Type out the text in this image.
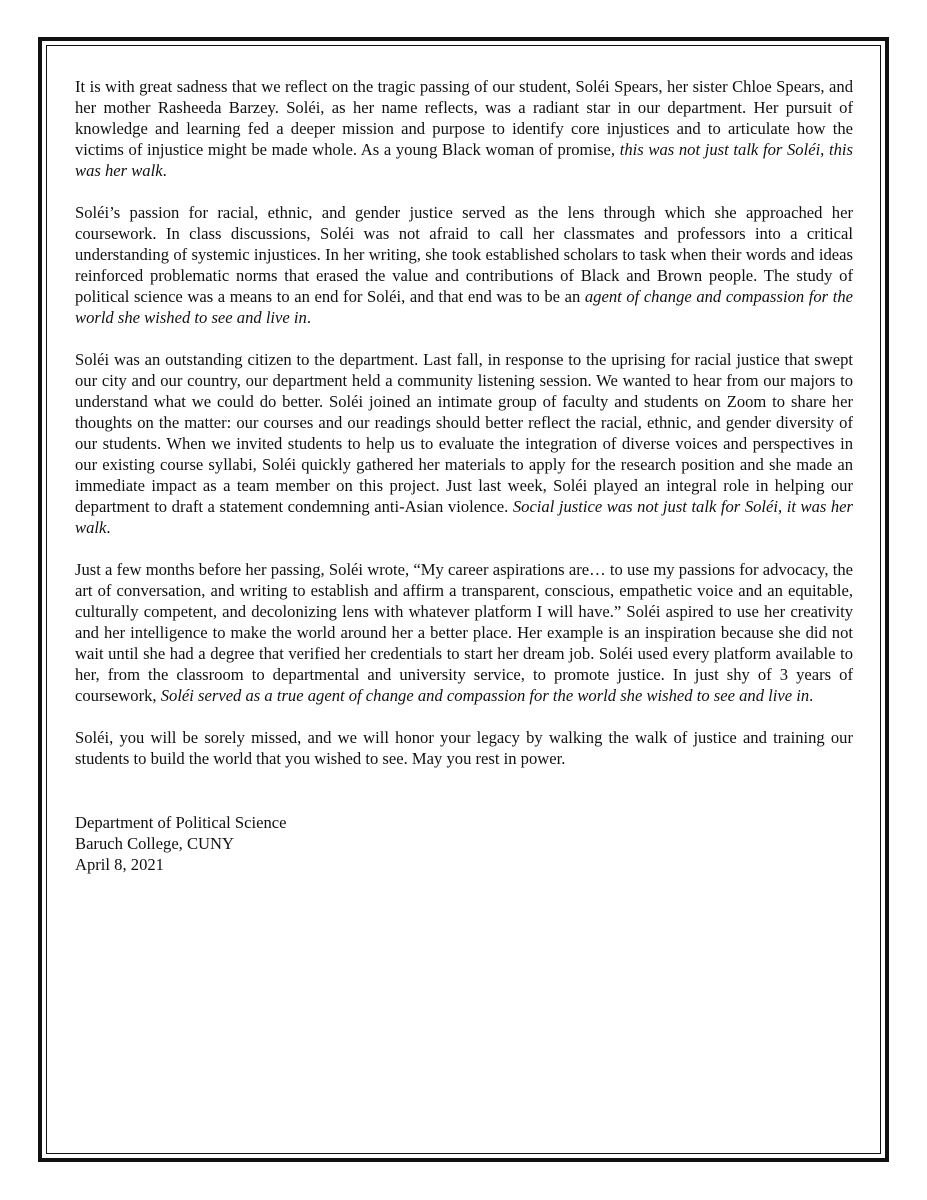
It is with great sadness that we reflect on the tragic passing of our student, Soléi Spears, her sister Chloe Spears, and her mother Rasheeda Barzey. Soléi, as her name reflects, was a radiant star in our department. Her pursuit of knowledge and learning fed a deeper mission and purpose to identify core injustices and to articulate how the victims of injustice might be made whole. As a young Black woman of promise, this was not just talk for Soléi, this was her walk.

Soléi’s passion for racial, ethnic, and gender justice served as the lens through which she approached her coursework. In class discussions, Soléi was not afraid to call her classmates and professors into a critical understanding of systemic injustices. In her writing, she took established scholars to task when their words and ideas reinforced problematic norms that erased the value and contributions of Black and Brown people. The study of political science was a means to an end for Soléi, and that end was to be an agent of change and compassion for the world she wished to see and live in.

Soléi was an outstanding citizen to the department. Last fall, in response to the uprising for racial justice that swept our city and our country, our department held a community listening session. We wanted to hear from our majors to understand what we could do better. Soléi joined an intimate group of faculty and students on Zoom to share her thoughts on the matter: our courses and our readings should better reflect the racial, ethnic, and gender diversity of our students. When we invited students to help us to evaluate the integration of diverse voices and perspectives in our existing course syllabi, Soléi quickly gathered her materials to apply for the research position and she made an immediate impact as a team member on this project. Just last week, Soléi played an integral role in helping our department to draft a statement condemning anti-Asian violence. Social justice was not just talk for Soléi, it was her walk.

Just a few months before her passing, Soléi wrote, “My career aspirations are… to use my passions for advocacy, the art of conversation, and writing to establish and affirm a transparent, conscious, empathetic voice and an equitable, culturally competent, and decolonizing lens with whatever platform I will have.” Soléi aspired to use her creativity and her intelligence to make the world around her a better place. Her example is an inspiration because she did not wait until she had a degree that verified her credentials to start her dream job. Soléi used every platform available to her, from the classroom to departmental and university service, to promote justice. In just shy of 3 years of coursework, Soléi served as a true agent of change and compassion for the world she wished to see and live in.

Soléi, you will be sorely missed, and we will honor your legacy by walking the walk of justice and training our students to build the world that you wished to see. May you rest in power.

Department of Political Science
Baruch College, CUNY
April 8, 2021
